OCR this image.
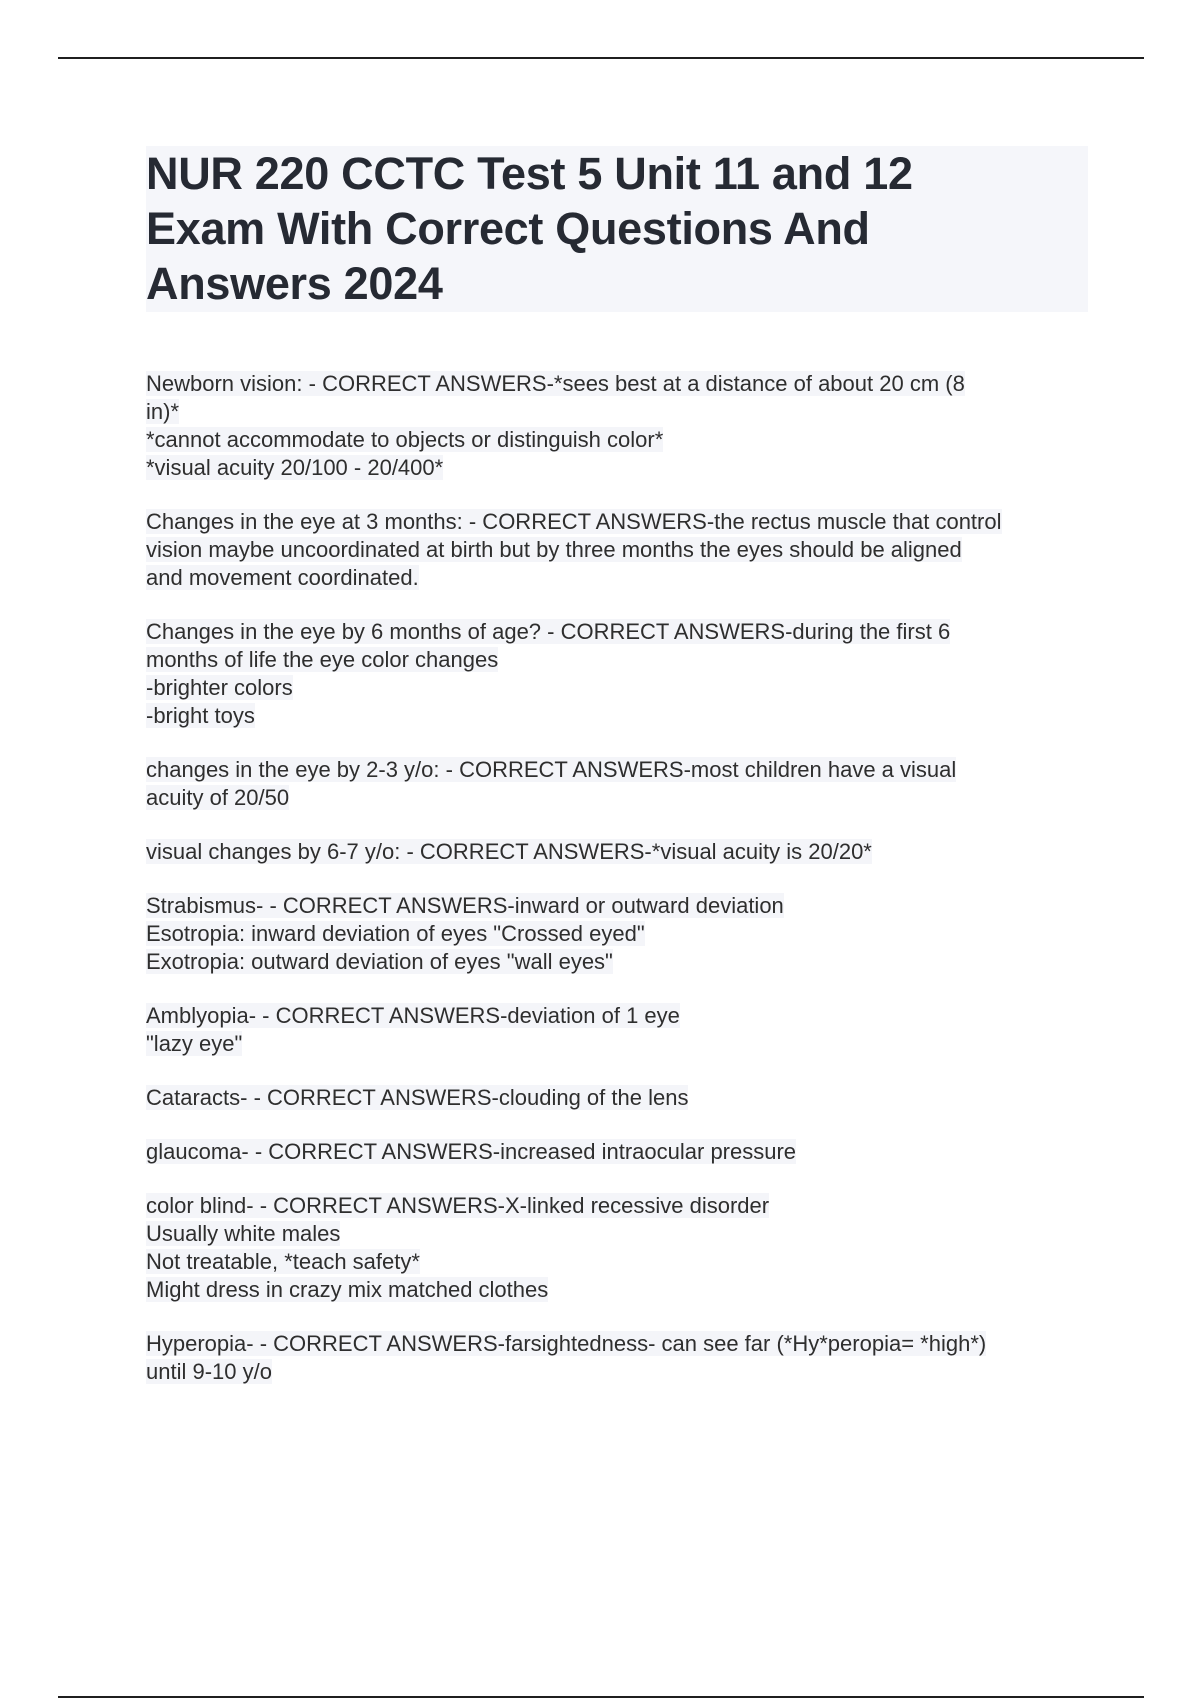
NUR 220 CCTC Test 5 Unit 11 and 12 Exam With Correct Questions And Answers 2024
Newborn vision: - CORRECT ANSWERS-*sees best at a distance of about 20 cm (8
in)*
*cannot accommodate to objects or distinguish color*
*visual acuity 20/100 - 20/400*
Changes in the eye at 3 months: - CORRECT ANSWERS-the rectus muscle that control
vision maybe uncoordinated at birth but by three months the eyes should be aligned
and movement coordinated.
Changes in the eye by 6 months of age? - CORRECT ANSWERS-during the first 6
months of life the eye color changes
-brighter colors
-bright toys
changes in the eye by 2-3 y/o: - CORRECT ANSWERS-most children have a visual
acuity of 20/50
visual changes by 6-7 y/o: - CORRECT ANSWERS-*visual acuity is 20/20*
Strabismus- - CORRECT ANSWERS-inward or outward deviation
Esotropia: inward deviation of eyes "Crossed eyed"
Exotropia: outward deviation of eyes "wall eyes"
Amblyopia- - CORRECT ANSWERS-deviation of 1 eye
"lazy eye"
Cataracts- - CORRECT ANSWERS-clouding of the lens
glaucoma- - CORRECT ANSWERS-increased intraocular pressure
color blind- - CORRECT ANSWERS-X-linked recessive disorder
Usually white males
Not treatable, *teach safety*
Might dress in crazy mix matched clothes
Hyperopia- - CORRECT ANSWERS-farsightedness- can see far (*Hy*peropia= *high*)
until 9-10 y/o
